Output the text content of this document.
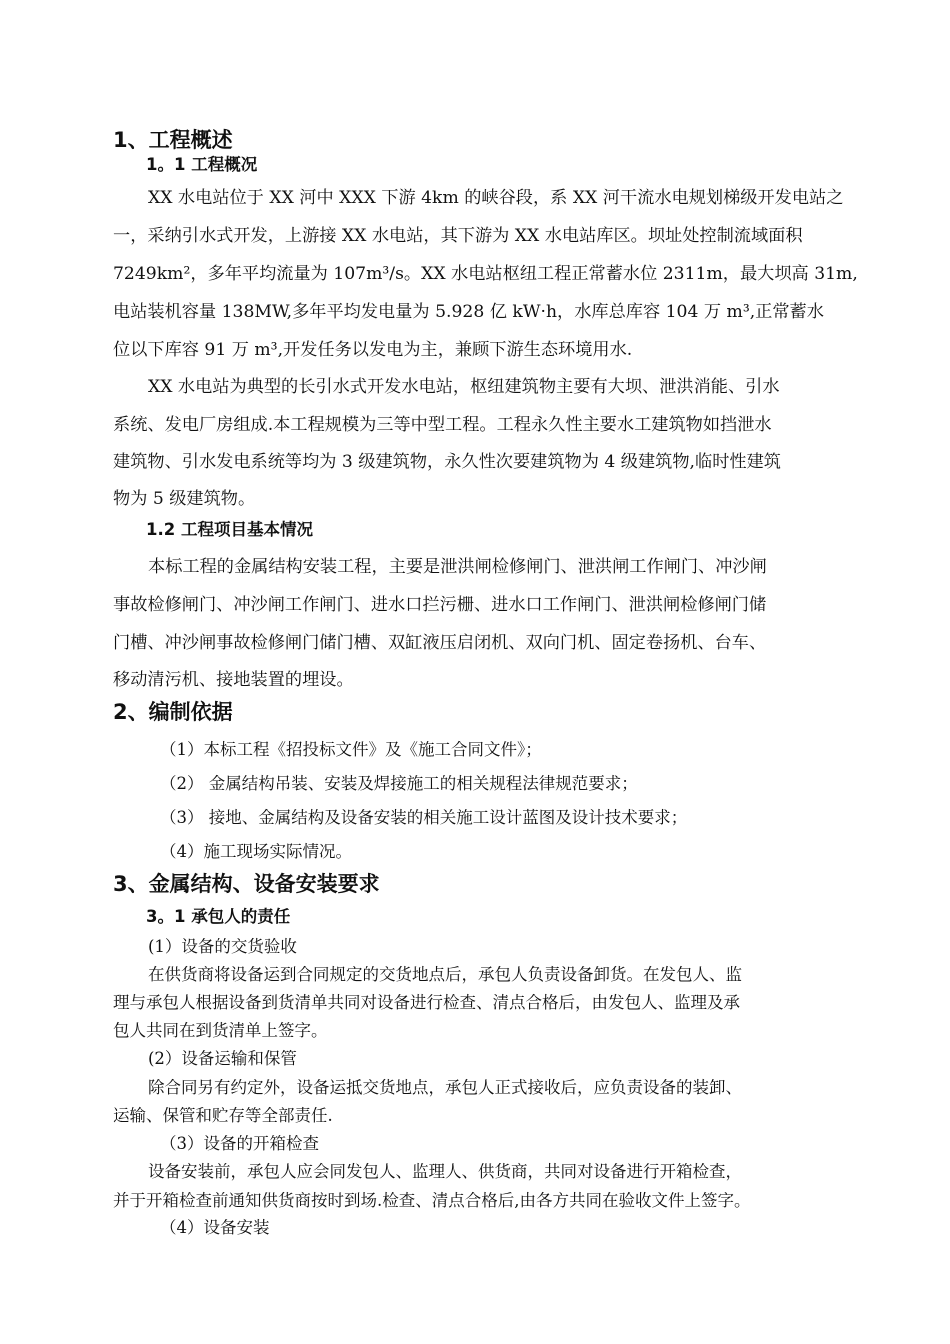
1、工程概述
1。1 工程概况
XX 水电站位于 XX 河中 XXX 下游 4km 的峡谷段，系 XX 河干流水电规划梯级开发电站之
一，采纳引水式开发，上游接 XX 水电站，其下游为 XX 水电站库区。坝址处控制流域面积
7249km²，多年平均流量为 107m³/s。XX 水电站枢纽工程正常蓄水位 2311m，最大坝高 31m,
电站装机容量 138MW,多年平均发电量为 5.928 亿 kW·h，水库总库容 104 万 m³,正常蓄水
位以下库容 91 万 m³,开发任务以发电为主，兼顾下游生态环境用水.
XX 水电站为典型的长引水式开发水电站，枢纽建筑物主要有大坝、泄洪消能、引水
系统、发电厂房组成.本工程规模为三等中型工程。工程永久性主要水工建筑物如挡泄水
建筑物、引水发电系统等均为 3 级建筑物，永久性次要建筑物为 4 级建筑物,临时性建筑
物为 5 级建筑物。
1.2 工程项目基本情况
本标工程的金属结构安装工程，主要是泄洪闸检修闸门、泄洪闸工作闸门、冲沙闸
事故检修闸门、冲沙闸工作闸门、进水口拦污栅、进水口工作闸门、泄洪闸检修闸门储
门槽、冲沙闸事故检修闸门储门槽、双缸液压启闭机、双向门机、固定卷扬机、台车、
移动清污机、接地装置的埋设。
2、编制依据
（1）本标工程《招投标文件》及《施工合同文件》；
（2） 金属结构吊装、安装及焊接施工的相关规程法律规范要求；
（3） 接地、金属结构及设备安装的相关施工设计蓝图及设计技术要求；
（4）施工现场实际情况。
3、金属结构、设备安装要求
3。1 承包人的责任
(1）设备的交货验收
在供货商将设备运到合同规定的交货地点后，承包人负责设备卸货。在发包人、监
理与承包人根据设备到货清单共同对设备进行检查、清点合格后，由发包人、监理及承
包人共同在到货清单上签字。
(2）设备运输和保管
除合同另有约定外，设备运抵交货地点，承包人正式接收后，应负责设备的装卸、
运输、保管和贮存等全部责任.
（3）设备的开箱检查
设备安装前，承包人应会同发包人、监理人、供货商，共同对设备进行开箱检查，
并于开箱检查前通知供货商按时到场.检查、清点合格后,由各方共同在验收文件上签字。
（4）设备安装
